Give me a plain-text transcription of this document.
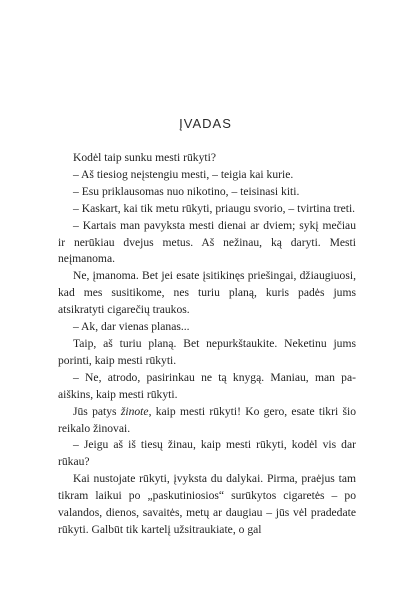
ĮVADAS

Kodėl taip sunku mesti rūkyti?

– Aš tiesiog neįstengiu mesti, – teigia kai kurie.

– Esu priklausomas nuo nikotino, – teisinasi kiti.

– Kaskart, kai tik metu rūkyti, priaugu svorio, – tvirtina treti.

– Kartais man pavyksta mesti dienai ar dviem; sykį mečiau ir nerūkiau dvejus metus. Aš nežinau, ką daryti. Mesti neįmanoma.

Ne, įmanoma. Bet jei esate įsitikinęs priešingai, džiaugiuosi, kad mes susitikome, nes turiu planą, kuris padės jums atsikratyti cigarečių traukos.

– Ak, dar vienas planas...

Taip, aš turiu planą. Bet nepurkštaukite. Neketinu jums porinti, kaip mesti rūkyti.

– Ne, atrodo, pasirinkau ne tą knygą. Maniau, man paaiškins, kaip mesti rūkyti.

Jūs patys žinote, kaip mesti rūkyti! Ko gero, esate tikri šio reikalo žinovai.

– Jeigu aš iš tiesų žinau, kaip mesti rūkyti, kodėl vis dar rūkau?

Kai nustojate rūkyti, įvyksta du dalykai. Pirma, praėjus tam tikram laikui po „paskutiniosios“ surūkytos cigaretės – po valandos, dienos, savaitės, metų ar daugiau – jūs vėl pradedate rūkyti. Galbūt tik kartelį užsitraukiate, o gal
